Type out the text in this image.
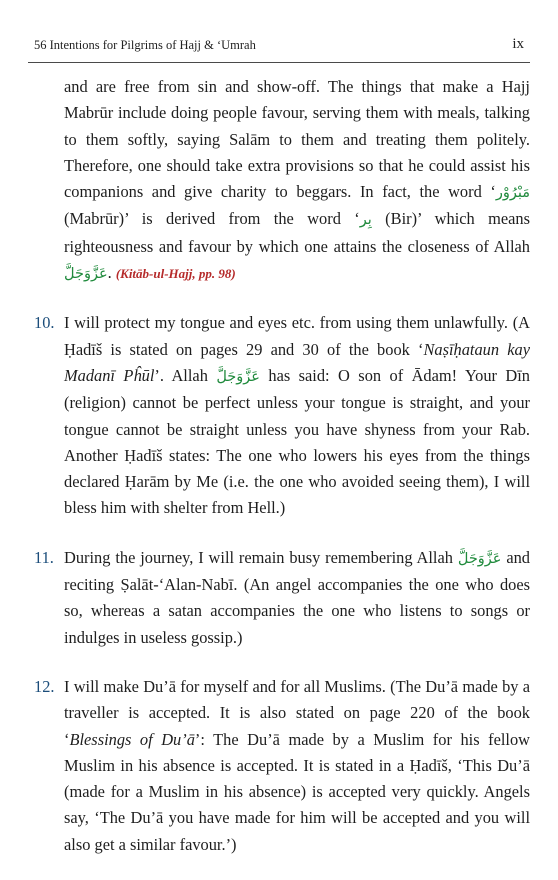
56 Intentions for Pilgrims of Hajj & ‘Umrah	ix

and are free from sin and show-off. The things that make a Hajj Mabrūr include doing people favour, serving them with meals, talking to them softly, saying Salām to them and treating them politely. Therefore, one should take extra provisions so that he could assist his companions and give charity to beggars. In fact, the word ‘مَبْرُوْر (Mabrūr)’ is derived from the word ‘بِر (Bir)’ which means righteousness and favour by which one attains the closeness of Allah عَزَّوَجَلَّ. (Kitāb-ul-Hajj, pp. 98)

10. I will protect my tongue and eyes etc. from using them unlawfully. (A Ḥadīš is stated on pages 29 and 30 of the book ‘Naṣīḥataun kay Madanī Pĥūl’. Allah عَزَّوَجَلَّ has said: O son of Ādam! Your Dīn (religion) cannot be perfect unless your tongue is straight, and your tongue cannot be straight unless you have shyness from your Rab. Another Ḥadīš states: The one who lowers his eyes from the things declared Ḥarām by Me (i.e. the one who avoided seeing them), I will bless him with shelter from Hell.)

11. During the journey, I will remain busy remembering Allah عَزَّوَجَلَّ and reciting Ṣalāt-‘Alan-Nabī. (An angel accompanies the one who does so, whereas a satan accompanies the one who listens to songs or indulges in useless gossip.)

12. I will make Du’ā for myself and for all Muslims. (The Du’ā made by a traveller is accepted. It is also stated on page 220 of the book ‘Blessings of Du’ā’: The Du’ā made by a Muslim for his fellow Muslim in his absence is accepted. It is stated in a Ḥadīš, ‘This Du’ā (made for a Muslim in his absence) is accepted very quickly. Angels say, ‘The Du’ā you have made for him will be accepted and you will also get a similar favour.’)
